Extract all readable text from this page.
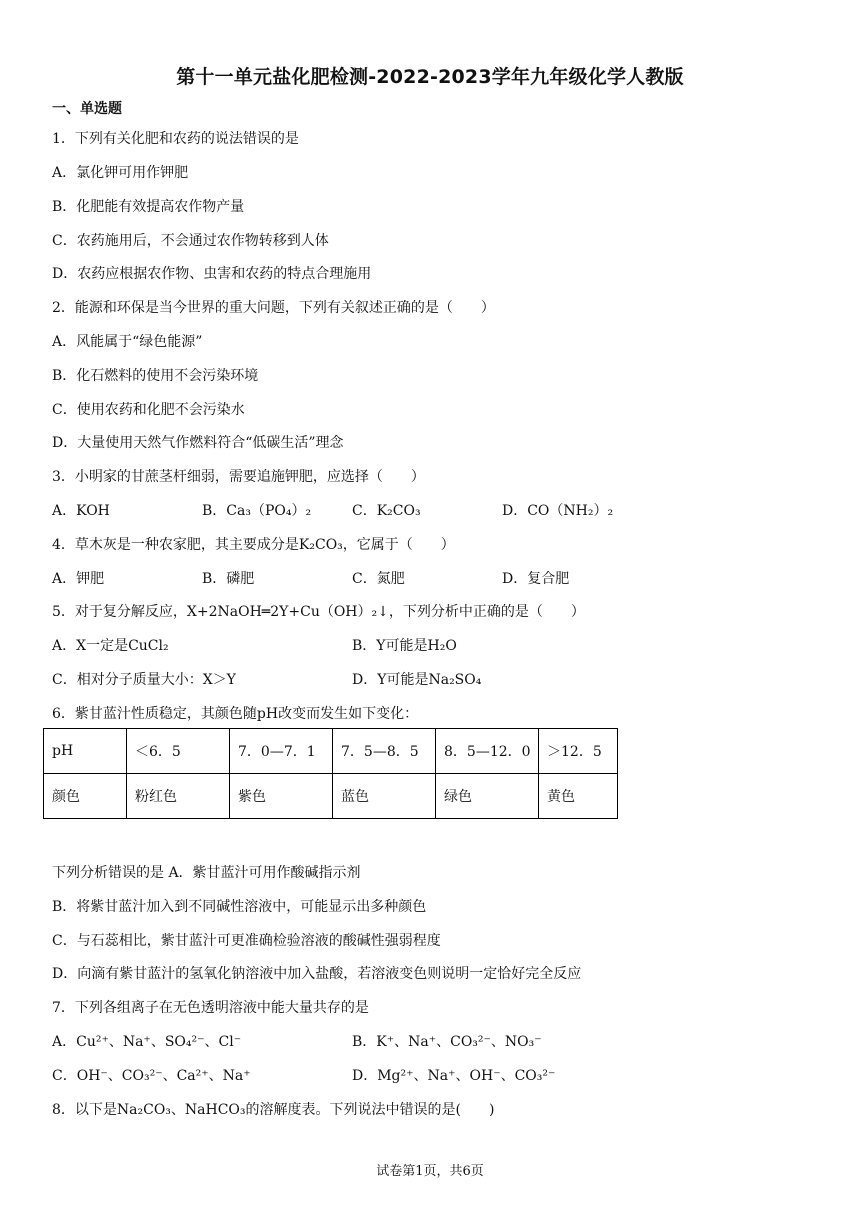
第十一单元盐化肥检测-2022-2023学年九年级化学人教版
一、单选题
1．下列有关化肥和农药的说法错误的是
A．氯化钾可用作钾肥
B．化肥能有效提高农作物产量
C．农药施用后，不会通过农作物转移到人体
D．农药应根据农作物、虫害和农药的特点合理施用
2．能源和环保是当今世界的重大问题，下列有关叙述正确的是（　　）
A．风能属于“绿色能源”
B．化石燃料的使用不会污染环境
C．使用农药和化肥不会污染水
D．大量使用天然气作燃料符合“低碳生活”理念
3．小明家的甘蔗茎杆细弱，需要追施钾肥，应选择（　　）
A．KOH	B．Ca₃（PO₄）₂	C．K₂CO₃	D．CO（NH₂）₂
4．草木灰是一种农家肥，其主要成分是K₂CO₃，它属于（　　）
A．钾肥	B．磷肥	C．氮肥	D．复合肥
5．对于复分解反应，X+2NaOH═2Y+Cu（OH）₂↓，下列分析中正确的是（　　）
A．X一定是CuCl₂	B．Y可能是H₂O
C．相对分子质量大小：X＞Y	D．Y可能是Na₂SO₄
6．紫甘蓝汁性质稳定，其颜色随pH改变而发生如下变化：
pH	＜6．5	7．0—7．1	7．5—8．5	8．5—12．0	＞12．5
颜色	粉红色	紫色	蓝色	绿色	黄色
下列分析错误的是 A．紫甘蓝汁可用作酸碱指示剂
B．将紫甘蓝汁加入到不同碱性溶液中，可能显示出多种颜色
C．与石蕊相比，紫甘蓝汁可更准确检验溶液的酸碱性强弱程度
D．向滴有紫甘蓝汁的氢氧化钠溶液中加入盐酸，若溶液变色则说明一定恰好完全反应
7．下列各组离子在无色透明溶液中能大量共存的是
A．Cu²⁺、Na⁺、SO₄²⁻、Cl⁻	B．K⁺、Na⁺、CO₃²⁻、NO₃⁻
C．OH⁻、CO₃²⁻、Ca²⁺、Na⁺	D．Mg²⁺、Na⁺、OH⁻、CO₃²⁻
8．以下是Na₂CO₃、NaHCO₃的溶解度表。下列说法中错误的是(　　)
试卷第1页，共6页
